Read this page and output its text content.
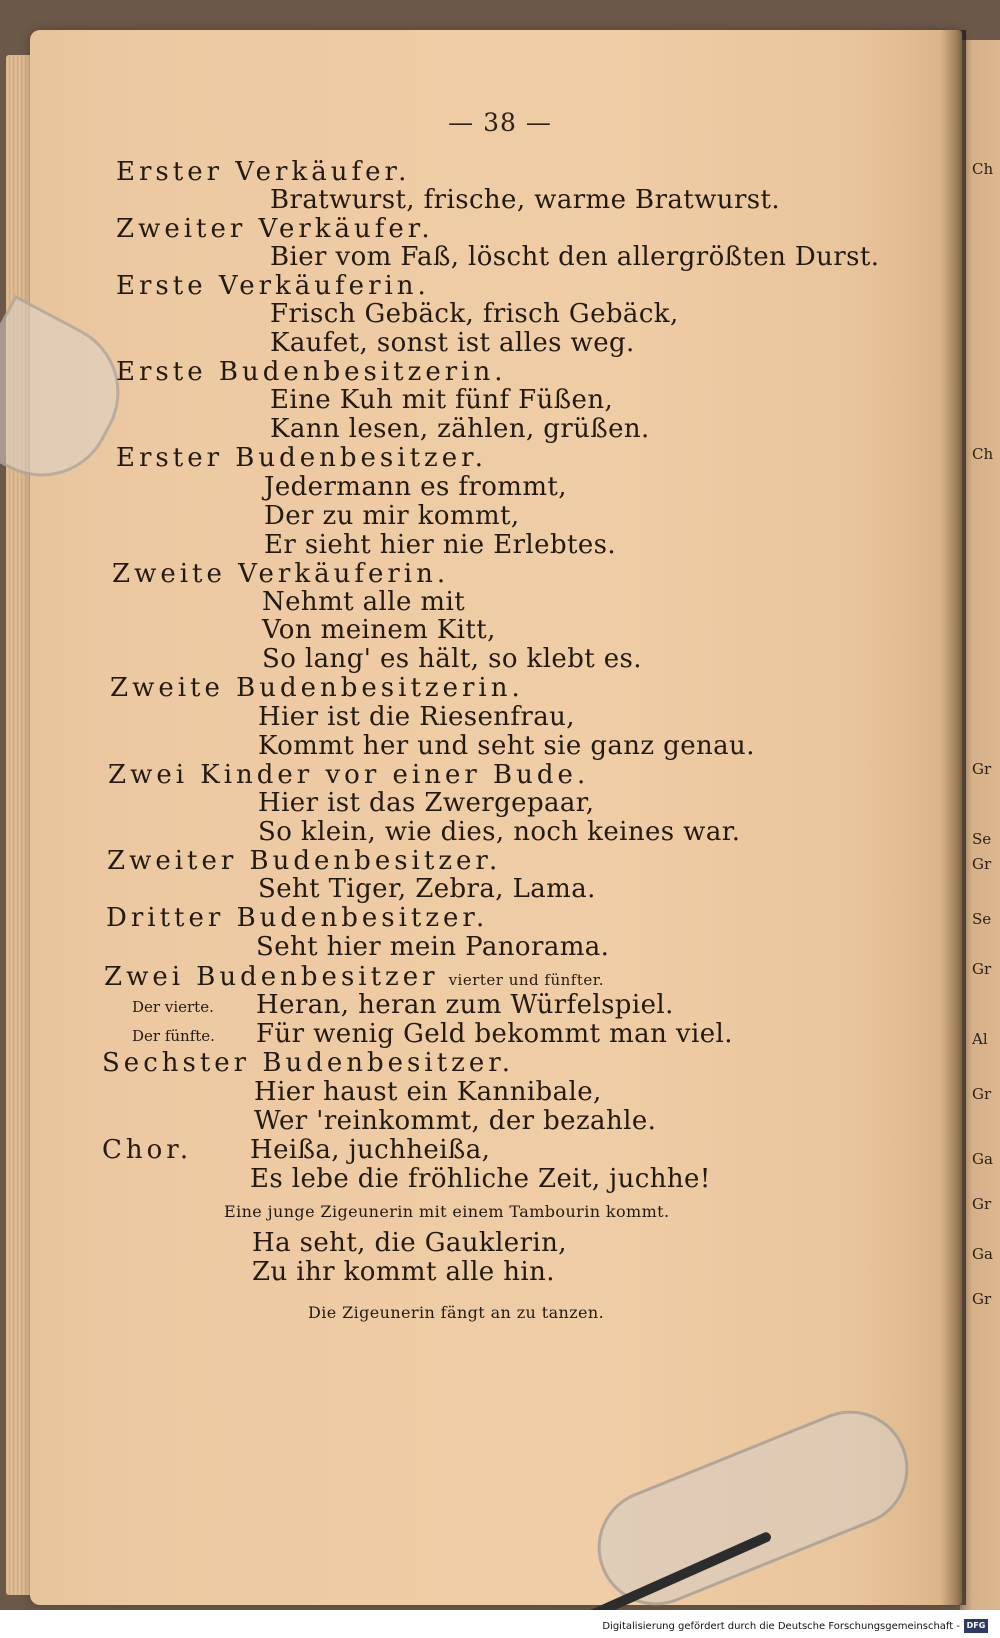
— 38 —
Erster Verkäufer.
Bratwurst, frische, warme Bratwurst.
Zweiter Verkäufer.
Bier vom Faß, löscht den allergrößten Durst.
Erste Verkäuferin.
Frisch Gebäck, frisch Gebäck,
Kaufet, sonst ist alles weg.
Erste Budenbesitzerin.
Eine Kuh mit fünf Füßen,
Kann lesen, zählen, grüßen.
Erster Budenbesitzer.
Jedermann es frommt,
Der zu mir kommt,
Er sieht hier nie Erlebtes.
Zweite Verkäuferin.
Nehmt alle mit
Von meinem Kitt,
So lang' es hält, so klebt es.
Zweite Budenbesitzerin.
Hier ist die Riesenfrau,
Kommt her und seht sie ganz genau.
Zwei Kinder vor einer Bude.
Hier ist das Zwergepaar,
So klein, wie dies, noch keines war.
Zweiter Budenbesitzer.
Seht Tiger, Zebra, Lama.
Dritter Budenbesitzer.
Seht hier mein Panorama.
Zwei Budenbesitzer vierter und fünfter.
Der vierte. Heran, heran zum Würfelspiel.
Der fünfte. Für wenig Geld bekommt man viel.
Sechster Budenbesitzer.
Hier haust ein Kannibale,
Wer 'reinkommt, der bezahle.
Chor. Heißa, juchheißa,
Es lebe die fröhliche Zeit, juchhe!
Eine junge Zigeunerin mit einem Tambourin kommt.
Ha seht, die Gauklerin,
Zu ihr kommt alle hin.
Die Zigeunerin fängt an zu tanzen.
Ch
Ch
Gr
Se
Gr
Se
Gr
Al
Gr
Ga
Gr
Ga
Gr
Digitalisierung gefördert durch die Deutsche Forschungsgemeinschaft - DFG
